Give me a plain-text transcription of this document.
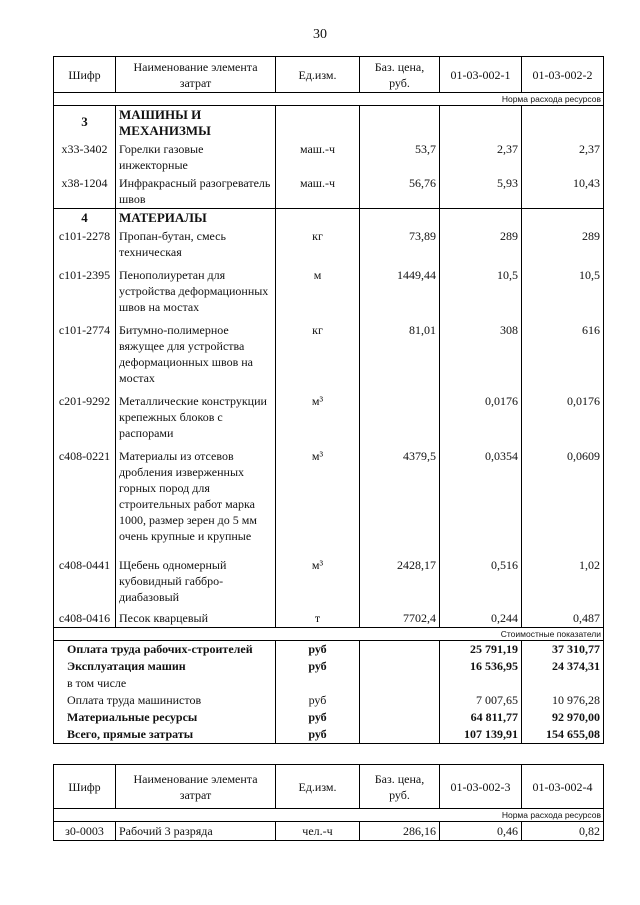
30
Шифр	Наименование элемента затрат	Ед.изм.	Баз. цена, руб.	01-03-002-1	01-03-002-2
Норма расхода ресурсов					
3	МАШИНЫ И МЕХАНИЗМЫ				
х33-3402	Горелки газовые инжекторные	маш.-ч	53,7	2,37	2,37
х38-1204	Инфракрасный разогреватель швов	маш.-ч	56,76	5,93	10,43
4	МАТЕРИАЛЫ				
с101-2278	Пропан-бутан, смесь техническая	кг	73,89	289	289
с101-2395	Пенополиуретан для устройства деформационных швов на мостах	м	1449,44	10,5	10,5
с101-2774	Битумно-полимерное вяжущее для устройства деформационных швов на мостах	кг	81,01	308	616
с201-9292	Металлические конструкции крепежных блоков с распорами	м³		0,0176	0,0176
с408-0221	Материалы из отсевов дробления изверженных горных пород для строительных работ марка 1000, размер зерен до 5 мм очень крупные и крупные	м³	4379,5	0,0354	0,0609
с408-0441	Щебень одномерный кубовидный габбро-диабазовый	м³	2428,17	0,516	1,02
с408-0416	Песок кварцевый	т	7702,4	0,244	0,487
Стоимостные показатели					
Оплата труда рабочих-строителей		руб		25 791,19	37 310,77
Эксплуатация машин		руб		16 536,95	24 374,31
в том числе					
Оплата труда машинистов		руб		7 007,65	10 976,28
Материальные ресурсы		руб		64 811,77	92 970,00
Всего, прямые затраты		руб		107 139,91	154 655,08
Шифр	Наименование элемента затрат	Ед.изм.	Баз. цена, руб.	01-03-002-3	01-03-002-4
Норма расхода ресурсов					
з0-0003	Рабочий 3 разряда	чел.-ч	286,16	0,46	0,82
